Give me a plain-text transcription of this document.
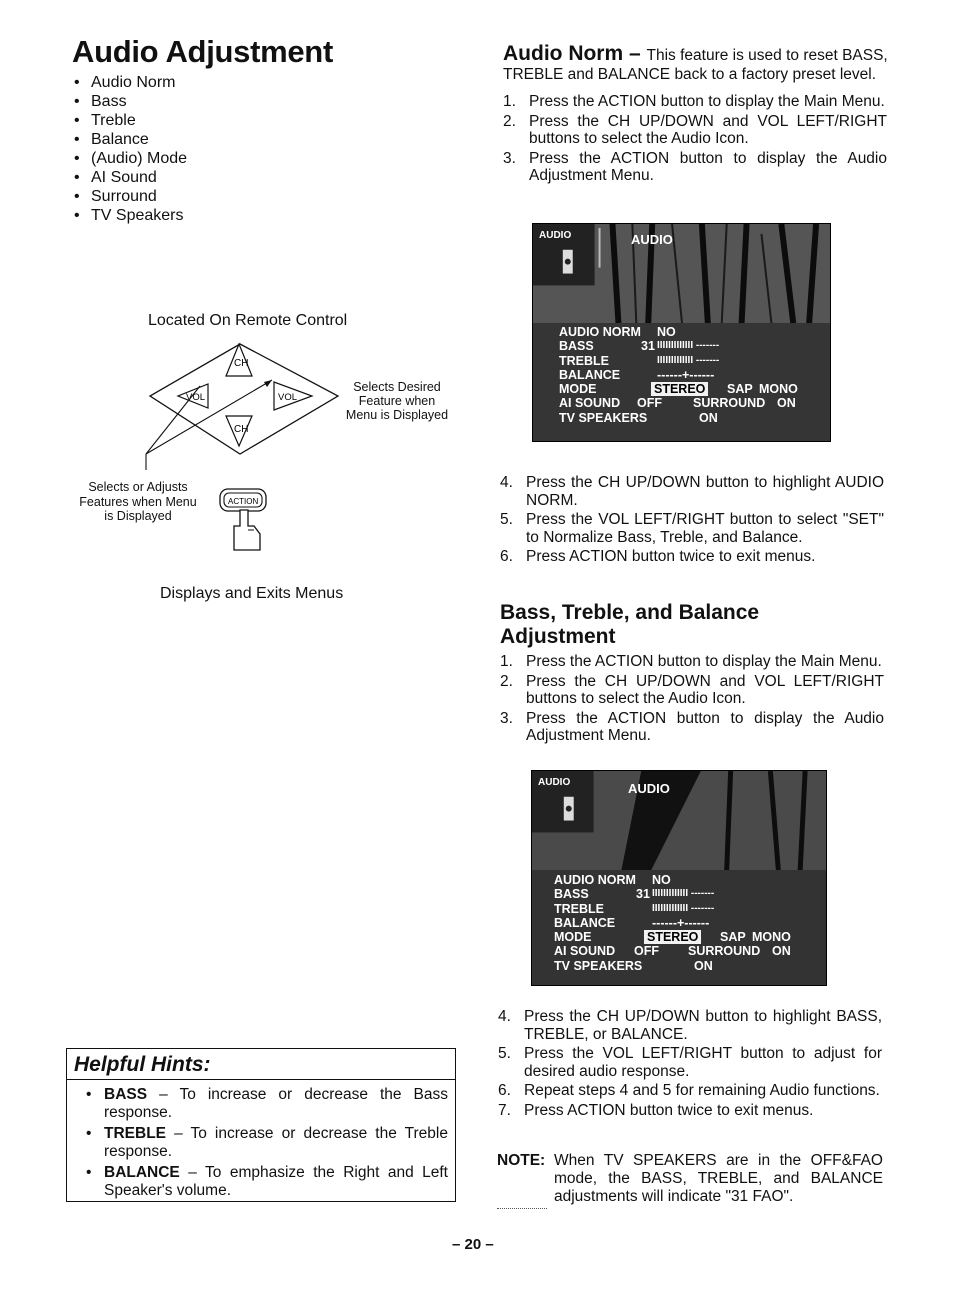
Audio Adjustment
• Audio Norm
• Bass
• Treble
• Balance
• (Audio) Mode
• AI Sound
• Surround
• TV Speakers
Located On Remote Control
CH
VOL	VOL
CH
Selects Desired Feature when Menu is Displayed
Selects or Adjusts Features when Menu is Displayed
ACTION
Displays and Exits Menus
Helpful Hints:
• BASS – To increase or decrease the Bass response.
• TREBLE – To increase or decrease the Treble response.
• BALANCE – To emphasize the Right and Left Speaker's volume.
Audio Norm – This feature is used to reset BASS, TREBLE and BALANCE back to a factory preset level.
1. Press the ACTION button to display the Main Menu.
2. Press the CH UP/DOWN and VOL LEFT/RIGHT buttons to select the Audio Icon.
3. Press the ACTION button to display the Audio Adjustment Menu.
AUDIO	AUDIO
AUDIO NORM NO
BASS	31 IIIIIIIIIIIII -------
TREBLE	IIIIIIIIIIIII -------
BALANCE	------+------
MODE	STEREO SAP MONO
AI SOUND OFF SURROUND ON
TV SPEAKERS	ON
4. Press the CH UP/DOWN button to highlight AUDIO NORM.
5. Press the VOL LEFT/RIGHT button to select "SET" to Normalize Bass, Treble, and Balance.
6. Press ACTION button twice to exit menus.
Bass, Treble, and Balance Adjustment
1. Press the ACTION button to display the Main Menu.
2. Press the CH UP/DOWN and VOL LEFT/RIGHT buttons to select the Audio Icon.
3. Press the ACTION button to display the Audio Adjustment Menu.
AUDIO	AUDIO
AUDIO NORM NO
BASS	31 IIIIIIIIIIIII -------
TREBLE	IIIIIIIIIIIII -------
BALANCE	------+------
MODE	STEREO SAP MONO
AI SOUND OFF SURROUND ON
TV SPEAKERS	ON
4. Press the CH UP/DOWN button to highlight BASS, TREBLE, or BALANCE.
5. Press the VOL LEFT/RIGHT button to adjust for desired audio response.
6. Repeat steps 4 and 5 for remaining Audio functions.
7. Press ACTION button twice to exit menus.
NOTE: When TV SPEAKERS are in the OFF&FAO mode, the BASS, TREBLE, and BALANCE adjustments will indicate "31 FAO".
– 20 –
